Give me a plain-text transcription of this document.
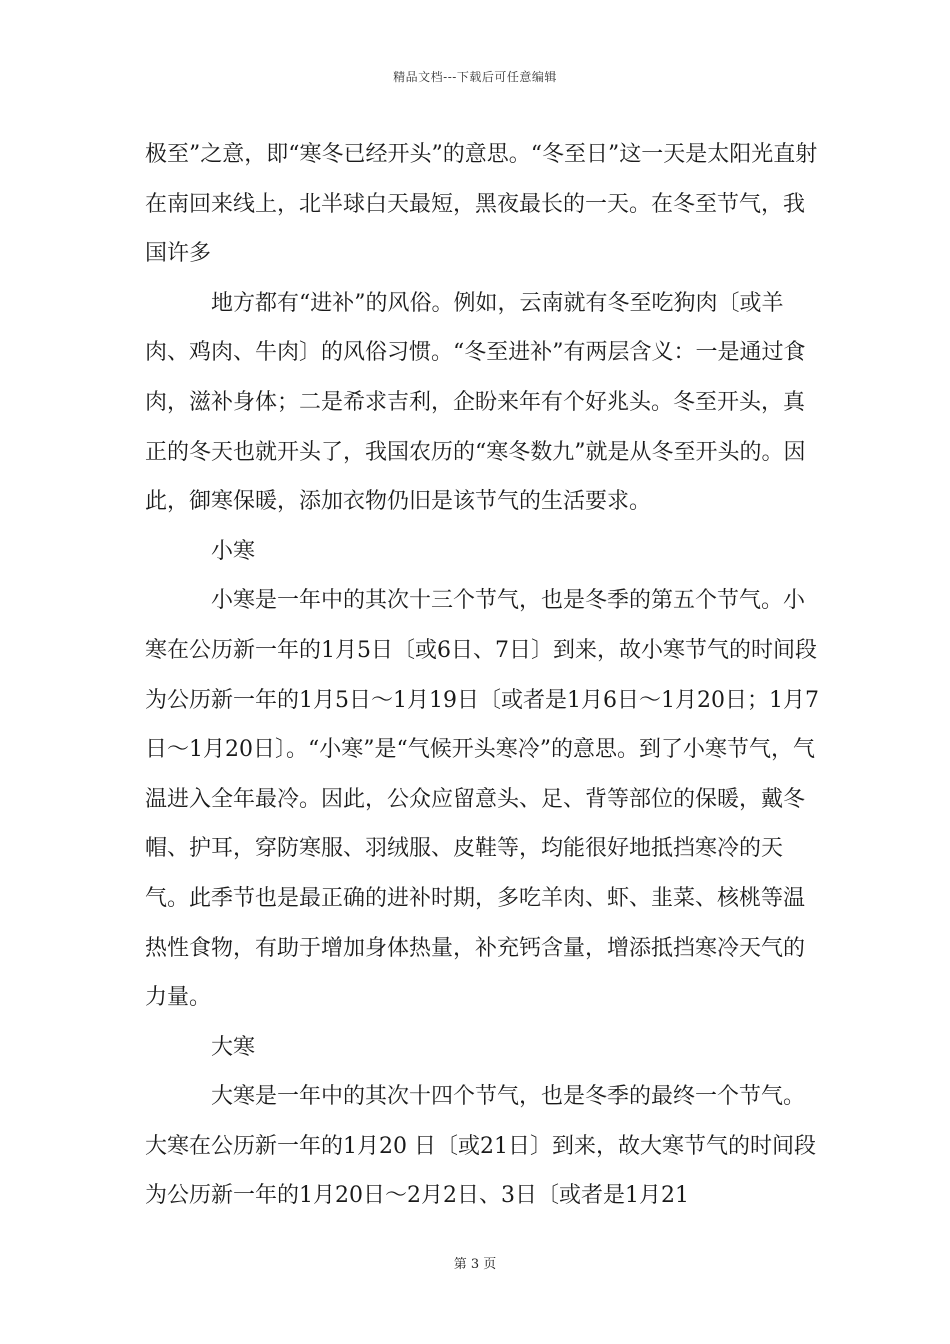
精品文档---下载后可任意编辑

极至”之意，即“寒冬已经开头”的意思。“冬至日”这一天是太阳光直射在南回来线上，北半球白天最短，黑夜最长的一天。在冬至节气，我国许多

地方都有“进补”的风俗。例如，云南就有冬至吃狗肉〔或羊肉、鸡肉、牛肉〕的风俗习惯。“冬至进补”有两层含义：一是通过食肉，滋补身体；二是希求吉利，企盼来年有个好兆头。冬至开头，真正的冬天也就开头了，我国农历的“寒冬数九”就是从冬至开头的。因此，御寒保暖，添加衣物仍旧是该节气的生活要求。

小寒

小寒是一年中的其次十三个节气，也是冬季的第五个节气。小寒在公历新一年的1月5日〔或6日、7日〕到来，故小寒节气的时间段为公历新一年的1月5日～1月19日〔或者是1月6日～1月20日；1月7日～1月20日〕。“小寒”是“气候开头寒冷”的意思。到了小寒节气，气温进入全年最冷。因此，公众应留意头、足、背等部位的保暖，戴冬帽、护耳，穿防寒服、羽绒服、皮鞋等，均能很好地抵挡寒冷的天气。此季节也是最正确的进补时期，多吃羊肉、虾、韭菜、核桃等温热性食物，有助于增加身体热量，补充钙含量，增添抵挡寒冷天气的力量。

大寒

大寒是一年中的其次十四个节气，也是冬季的最终一个节气。大寒在公历新一年的1月20 日〔或21日〕到来，故大寒节气的时间段为公历新一年的1月20日～2月2日、3日〔或者是1月21

第 3 页
